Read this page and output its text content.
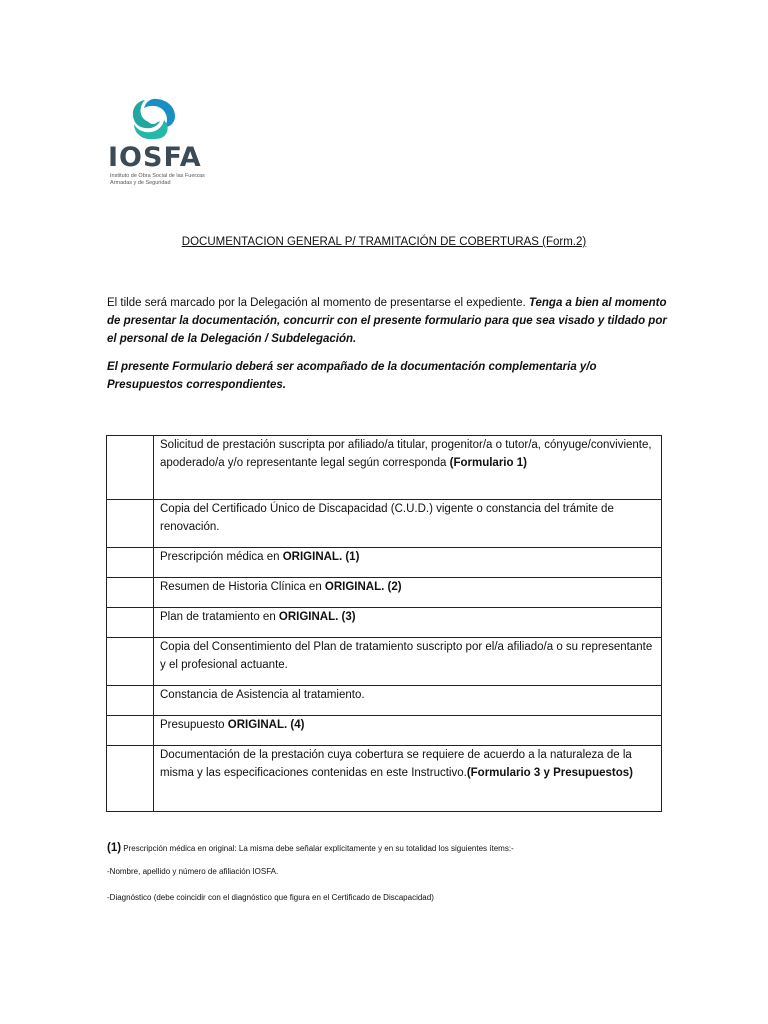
IOSFA
Instituto de Obra Social de las Fuerzas Armadas y de Seguridad
DOCUMENTACION GENERAL P/ TRAMITACIÓN DE COBERTURAS (Form.2)
El tilde será marcado por la Delegación al momento de presentarse el expediente. Tenga a bien al momento de presentar la documentación, concurrir con el presente formulario para que sea visado y tildado por el personal de la Delegación / Subdelegación.
El presente Formulario deberá ser acompañado de la documentación complementaria y/o Presupuestos correspondientes.
	Solicitud de prestación suscripta por afiliado/a titular, progenitor/a o tutor/a, cónyuge/conviviente, apoderado/a y/o representante legal según corresponda (Formulario 1)
	Copia del Certificado Único de Discapacidad (C.U.D.) vigente o constancia del trámite de renovación.
	Prescripción médica en ORIGINAL. (1)
	Resumen de Historia Clínica en ORIGINAL. (2)
	Plan de tratamiento en ORIGINAL. (3)
	Copia del Consentimiento del Plan de tratamiento suscripto por el/a afiliado/a o su representante y el profesional actuante.
	Constancia de Asistencia al tratamiento.
	Presupuesto ORIGINAL. (4)
	Documentación de la prestación cuya cobertura se requiere de acuerdo a la naturaleza de la misma y las especificaciones contenidas en este Instructivo.(Formulario 3 y Presupuestos)
(1) Prescripción médica en original: La misma debe señalar explícitamente y en su totalidad los siguientes ítems:-
-Nombre, apellido y número de afiliación IOSFA.
-Diagnóstico (debe coincidir con el diagnóstico que figura en el Certificado de Discapacidad)
